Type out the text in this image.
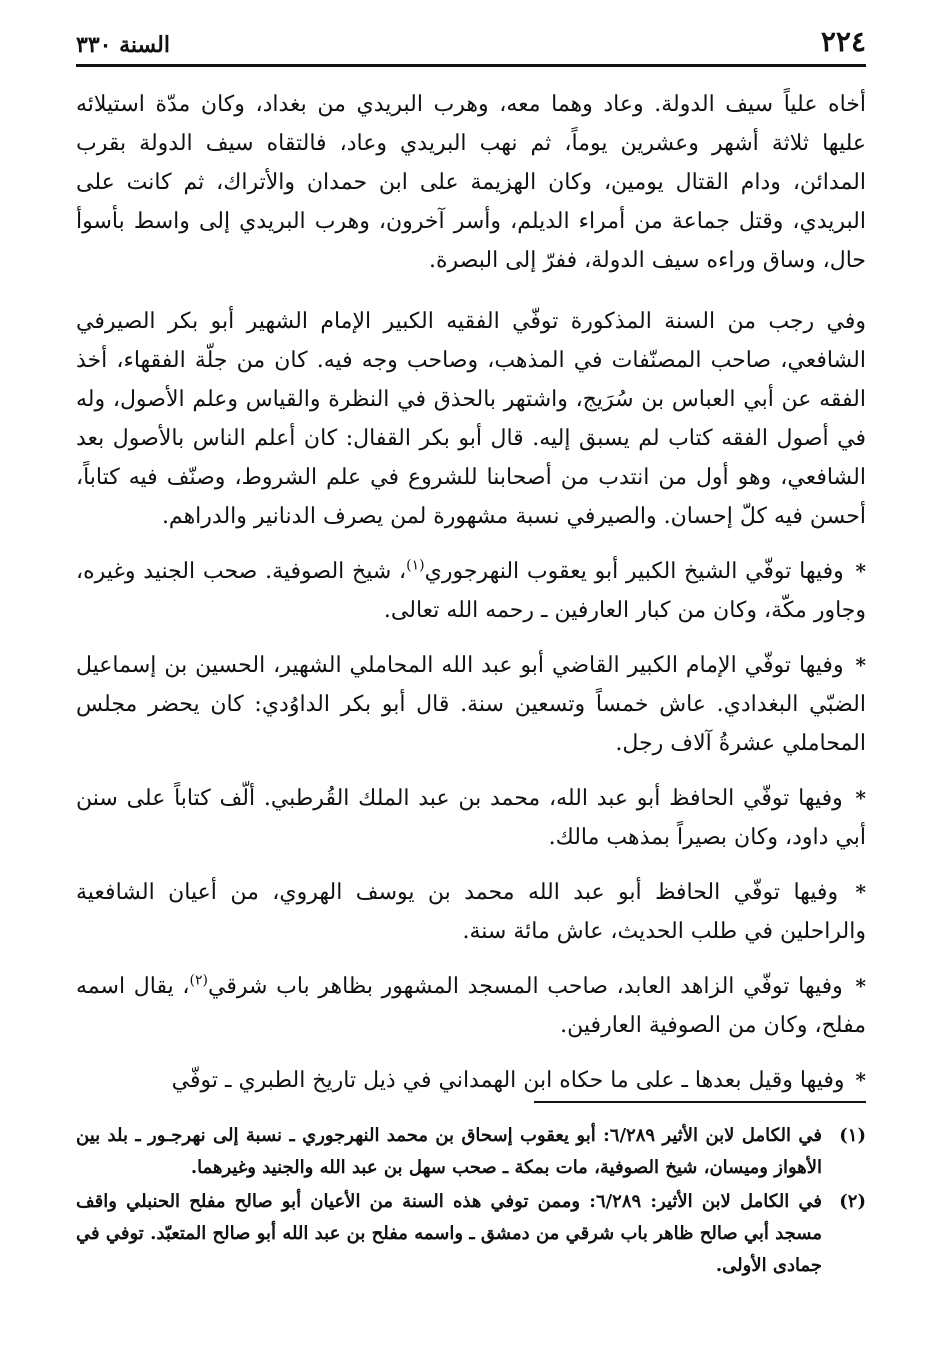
٢٢٤
السنة ٣٣٠

أخاه علياً سيف الدولة. وعاد وهما معه، وهرب البريدي من بغداد، وكان مدّة استيلائه عليها ثلاثة أشهر وعشرين يوماً، ثم نهب البريدي وعاد، فالتقاه سيف الدولة بقرب المدائن، ودام القتال يومين، وكان الهزيمة على ابن حمدان والأتراك، ثم كانت على البريدي، وقتل جماعة من أمراء الديلم، وأسر آخرون، وهرب البريدي إلى واسط بأسوأ حال، وساق وراءه سيف الدولة، ففرّ إلى البصرة.

وفي رجب من السنة المذكورة توفّي الفقيه الكبير الإمام الشهير أبو بكر الصيرفي الشافعي، صاحب المصنّفات في المذهب، وصاحب وجه فيه. كان من جلّة الفقهاء، أخذ الفقه عن أبي العباس بن سُرَيج، واشتهر بالحذق في النظرة والقياس وعلم الأصول، وله في أصول الفقه كتاب لم يسبق إليه. قال أبو بكر القفال: كان أعلم الناس بالأصول بعد الشافعي، وهو أول من انتدب من أصحابنا للشروع في علم الشروط، وصنّف فيه كتاباً، أحسن فيه كلّ إحسان. والصيرفي نسبة مشهورة لمن يصرف الدنانير والدراهم.

* وفيها توفّي الشيخ الكبير أبو يعقوب النهرجوري$^{(١)}$، شيخ الصوفية. صحب الجنيد وغيره، وجاور مكّة، وكان من كبار العارفين ـ رحمه الله تعالى.

* وفيها توفّي الإمام الكبير القاضي أبو عبد الله المحاملي الشهير، الحسين بن إسماعيل الضبّي البغدادي. عاش خمساً وتسعين سنة. قال أبو بكر الداوُدي: كان يحضر مجلس المحاملي عشرةُ آلاف رجل.

* وفيها توفّي الحافظ أبو عبد الله، محمد بن عبد الملك القُرطبي. ألّف كتاباً على سنن أبي داود، وكان بصيراً بمذهب مالك.

* وفيها توفّي الحافظ أبو عبد الله محمد بن يوسف الهروي، من أعيان الشافعية والراحلين في طلب الحديث، عاش مائة سنة.

* وفيها توفّي الزاهد العابد، صاحب المسجد المشهور بظاهر باب شرقي$^{(٢)}$، يقال اسمه مفلح، وكان من الصوفية العارفين.

* وفيها وقيل بعدها ـ على ما حكاه ابن الهمداني في ذيل تاريخ الطبري ـ توفّي

(١)
في الكامل لابن الأثير ٦/٢٨٩: أبو يعقوب إسحاق بن محمد النهرجوري ـ نسبة إلى نهرجـور ـ بلد بين الأهواز وميسان، شيخ الصوفية، مات بمكة ـ صحب سهل بن عبد الله والجنيد وغيرهما.
(٢)
في الكامل لابن الأثير: ٦/٢٨٩: وممن توفي هذه السنة من الأعيان أبو صالح مفلح الحنبلي واقف مسجد أبي صالح ظاهر باب شرقي من دمشق ـ واسمه مفلح بن عبد الله أبو صالح المتعبّد. توفي في جمادى الأولى.
